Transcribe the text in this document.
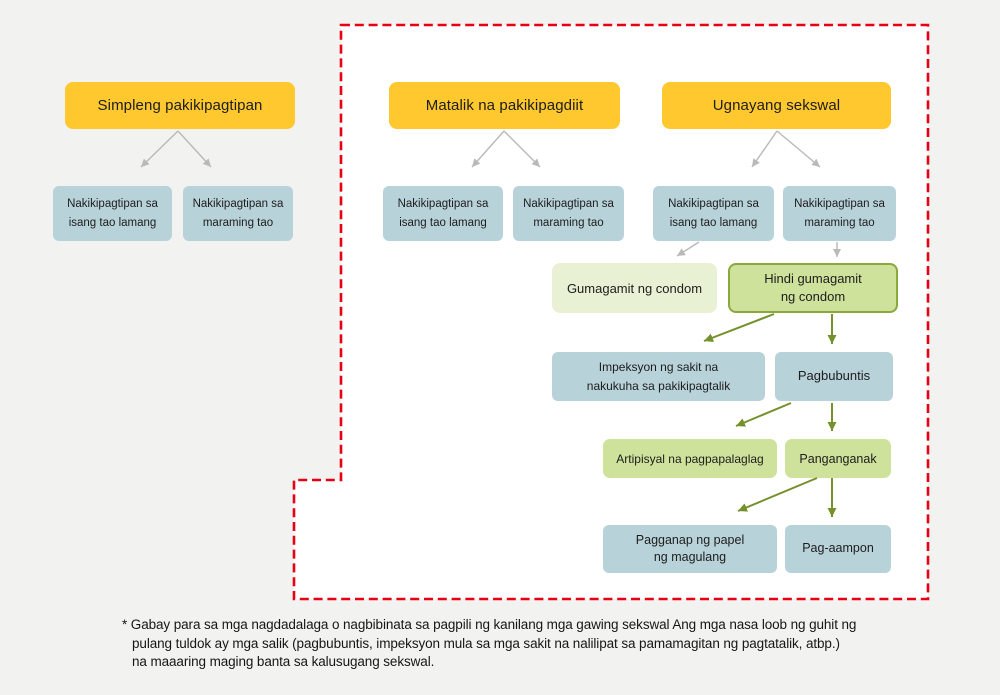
Simpleng pakikipagtipan	Matalik na pakikipagdiit	Ugnayang sekswal
Nakikipagtipan sa
isang tao lamang
Nakikipagtipan sa
maraming tao
Nakikipagtipan sa
isang tao lamang
Nakikipagtipan sa
maraming tao
Nakikipagtipan sa
isang tao lamang
Nakikipagtipan sa
maraming tao
Gumagamit ng condom
Hindi gumagamit
ng condom
Impeksyon ng sakit na
nakukuha sa pakikipagtalik
Pagbubuntis
Artipisyal na pagpapalaglag	Panganganak
Pagganap ng papel
ng magulang
Pag-aampon
* Gabay para sa mga nagdadalaga o nagbibinata sa pagpili ng kanilang mga gawing sekswal Ang mga nasa loob ng guhit ng
pulang tuldok ay mga salik (pagbubuntis, impeksyon mula sa mga sakit na nalilipat sa pamamagitan ng pagtatalik, atbp.)
na maaaring maging banta sa kalusugang sekswal.
